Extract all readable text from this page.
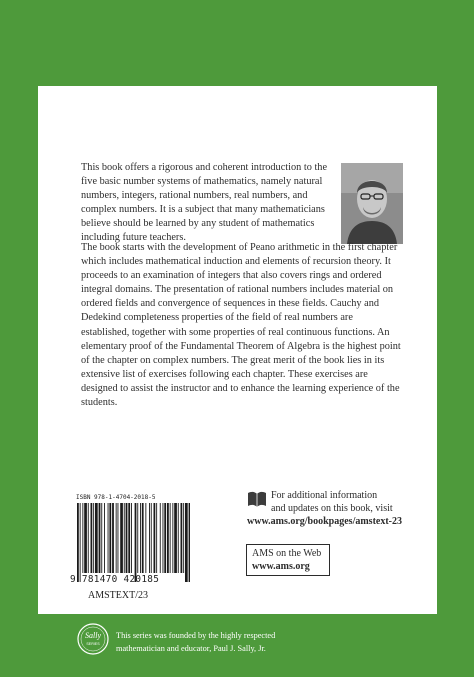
This book offers a rigorous and coherent introduction to the five basic number systems of mathematics, namely natural numbers, integers, rational numbers, real numbers, and complex numbers. It is a subject that many mathematicians believe should be learned by any student of mathematics including future teachers.

The book starts with the development of Peano arithmetic in the first chapter which includes mathematical induction and elements of recursion theory. It proceeds to an examination of integers that also covers rings and ordered integral domains. The presentation of rational numbers includes material on ordered fields and convergence of sequences in these fields. Cauchy and Dedekind completeness properties of the field of real numbers are established, together with some properties of real continuous functions. An elementary proof of the Fundamental Theorem of Algebra is the highest point of the chapter on complex numbers. The great merit of the book lies in its extensive list of exercises following each chapter. These exercises are designed to assist the instructor and to enhance the learning experience of the students.

For additional information
and updates on this book, visit
www.ams.org/bookpages/amstext-23
AMS on the Web
www.ams.org
ISBN 978-1-4704-2018-5
9 781470 420185
AMSTEXT/23
Sally
SERIES
This series was founded by the highly respected
mathematician and educator, Paul J. Sally, Jr.
